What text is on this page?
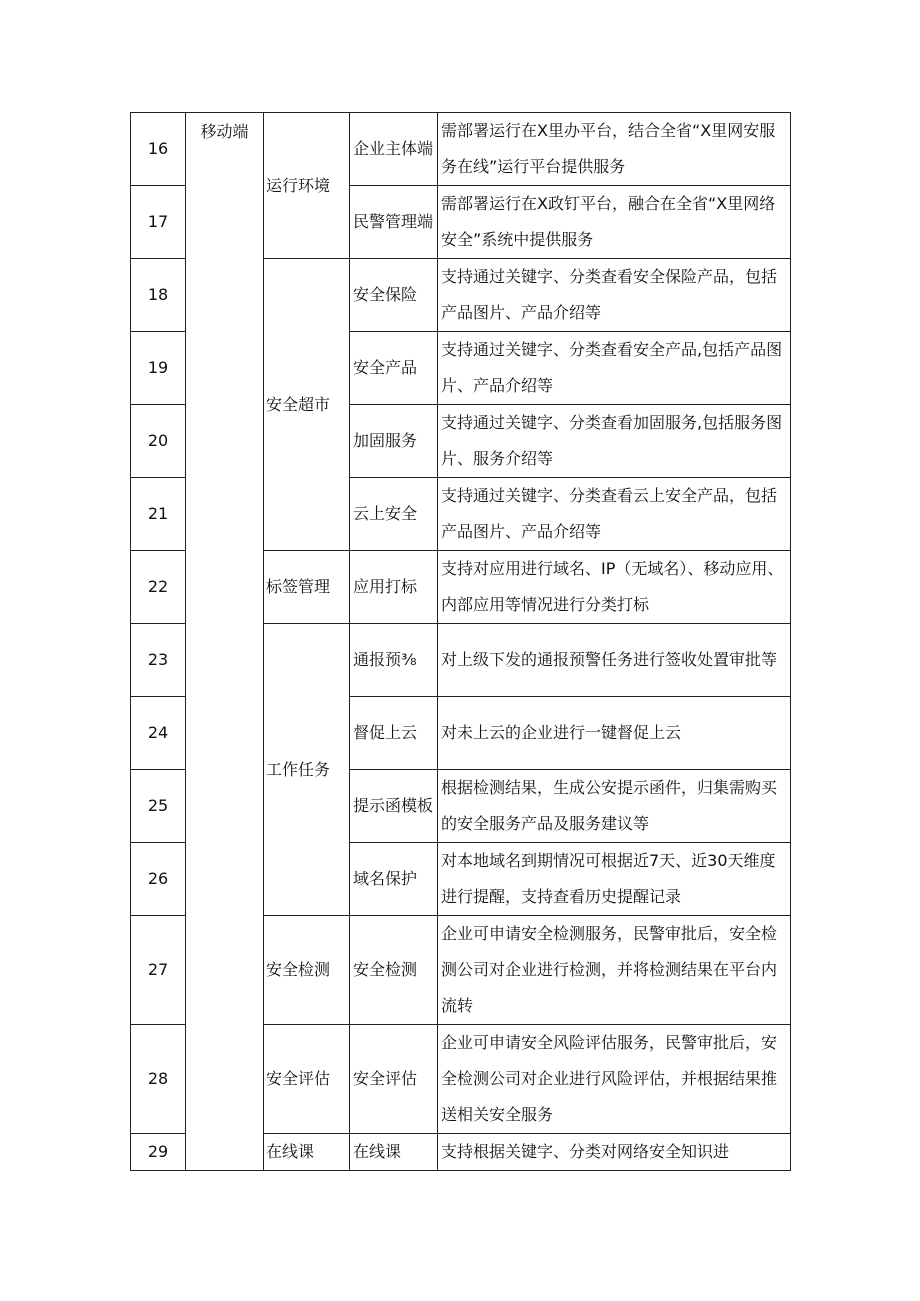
16	移动端	运行环境	企业主体端	需部署运行在X里办平台，结合全省“X里网安服务在线”运行平台提供服务
17			民警管理端	需部署运行在X政钉平台，融合在全省“X里网络安全”系统中提供服务
18		安全超市	安全保险	支持通过关键字、分类查看安全保险产品，包括产品图片、产品介绍等
19			安全产品	支持通过关键字、分类查看安全产品,包括产品图片、产品介绍等
20			加固服务	支持通过关键字、分类查看加固服务,包括服务图片、服务介绍等
21			云上安全	支持通过关键字、分类查看云上安全产品，包括产品图片、产品介绍等
22		标签管理	应用打标	支持对应用进行域名、IP（无域名）、移动应用、内部应用等情况进行分类打标
23		工作任务	通报预⅜	对上级下发的通报预警任务进行签收处置审批等
24			督促上云	对未上云的企业进行一键督促上云
25			提示函模板	根据检测结果，生成公安提示函件，归集需购买的安全服务产品及服务建议等
26			域名保护	对本地域名到期情况可根据近7天、近30天维度进行提醒，支持查看历史提醒记录
27		安全检测	安全检测	企业可申请安全检测服务，民警审批后，安全检测公司对企业进行检测，并将检测结果在平台内流转
28		安全评估	安全评估	企业可申请安全风险评估服务，民警审批后，安全检测公司对企业进行风险评估，并根据结果推送相关安全服务
29		在线课	在线课	支持根据关键字、分类对网络安全知识进
